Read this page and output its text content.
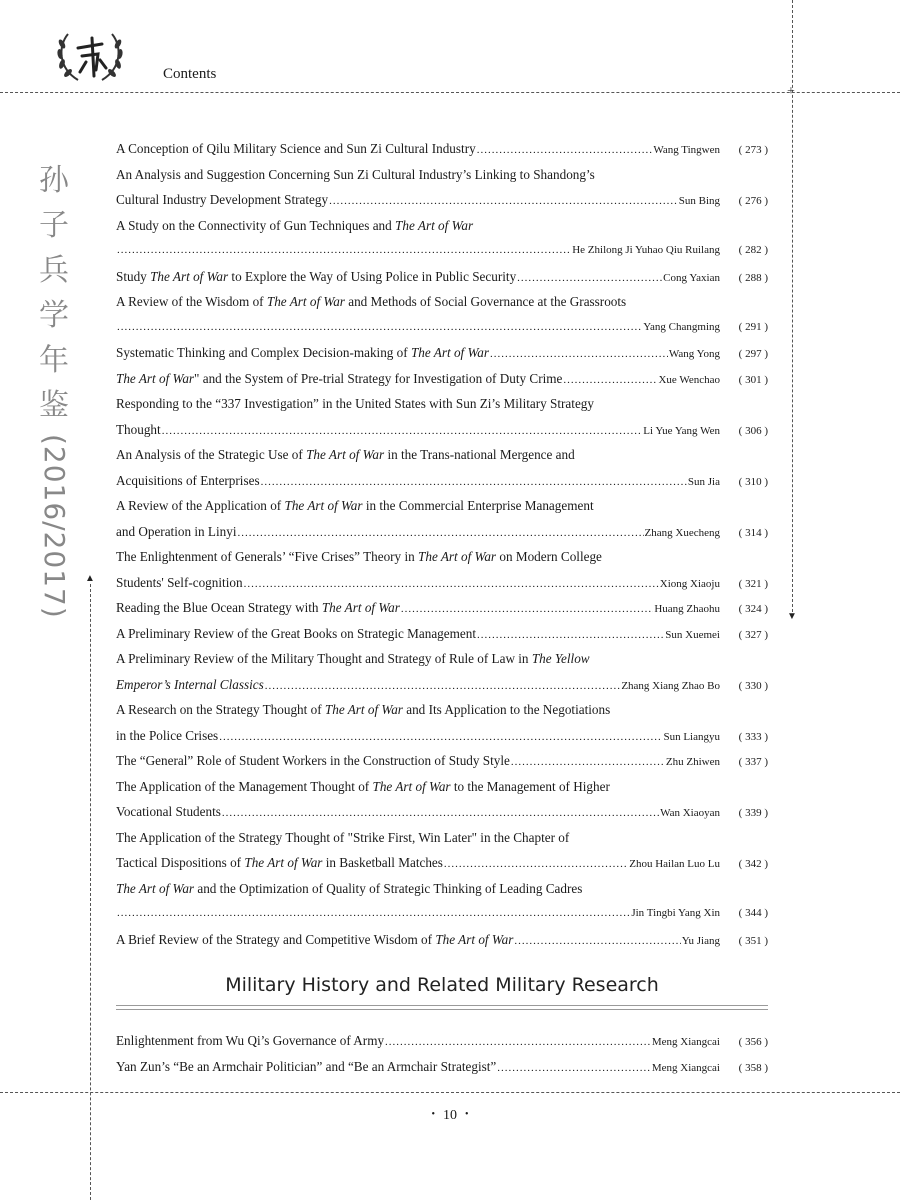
+
▲
▼
Contents
孙
子
兵
学
年
鉴
(2016/2017)
A Conception of Qilu Military Science and Sun Zi Cultural Industry .....	Wang Tingwen	( 273 )
An Analysis and Suggestion Concerning Sun Zi Cultural Industry’s Linking to Shandong’s
Cultural Industry Development Strategy .....	Sun Bing	( 276 )
A Study on the Connectivity of Gun Techniques and The Art of War
.....
He Zhilong Ji Yuhao Qiu Ruilang	( 282 )
Study The Art of War to Explore the Way of Using Police in Public Security .....	Cong Yaxian	( 288 )
A Review of the Wisdom of The Art of War and Methods of Social Governance at the Grassroots
.....
Yang Changming	( 291 )
Systematic Thinking and Complex Decision-making of The Art of War .....	Wang Yong	( 297 )
The Art of War" and the System of Pre-trial Strategy for Investigation of Duty Crime .....	Xue Wenchao	( 301 )
Responding to the “337 Investigation” in the United States with Sun Zi’s Military Strategy
Thought .....	Li Yue Yang Wen	( 306 )
An Analysis of the Strategic Use of The Art of War in the Trans-national Mergence and
Acquisitions of Enterprises .....	Sun Jia	( 310 )
A Review of the Application of The Art of War in the Commercial Enterprise Management
and Operation in Linyi .....	Zhang Xuecheng	( 314 )
The Enlightenment of Generals’ “Five Crises” Theory in The Art of War on Modern College
Students' Self-cognition .....	Xiong Xiaoju	( 321 )
Reading the Blue Ocean Strategy with The Art of War .....	Huang Zhaohu	( 324 )
A Preliminary Review of the Great Books on Strategic Management .....	Sun Xuemei	( 327 )
A Preliminary Review of the Military Thought and Strategy of Rule of Law in The Yellow
Emperor’s Internal Classics .....	Zhang Xiang Zhao Bo	( 330 )
A Research on the Strategy Thought of The Art of War and Its Application to the Negotiations
in the Police Crises .....	Sun Liangyu	( 333 )
The “General” Role of Student Workers in the Construction of Study Style .....	Zhu Zhiwen	( 337 )
The Application of the Management Thought of The Art of War to the Management of Higher
Vocational Students .....	Wan Xiaoyan	( 339 )
The Application of the Strategy Thought of "Strike First, Win Later" in the Chapter of
Tactical Dispositions of The Art of War in Basketball Matches .....	Zhou Hailan Luo Lu	( 342 )
The Art of War and the Optimization of Quality of Strategic Thinking of Leading Cadres
.....
Jin Tingbi Yang Xin	( 344 )
A Brief Review of the Strategy and Competitive Wisdom of The Art of War .....	Yu Jiang	( 351 )
Military History and Related Military Research
Enlightenment from Wu Qi’s Governance of Army .....	Meng Xiangcai	( 356 )
Yan Zun’s “Be an Armchair Politician” and “Be an Armchair Strategist” .....	Meng Xiangcai	( 358 )
• 10 •
